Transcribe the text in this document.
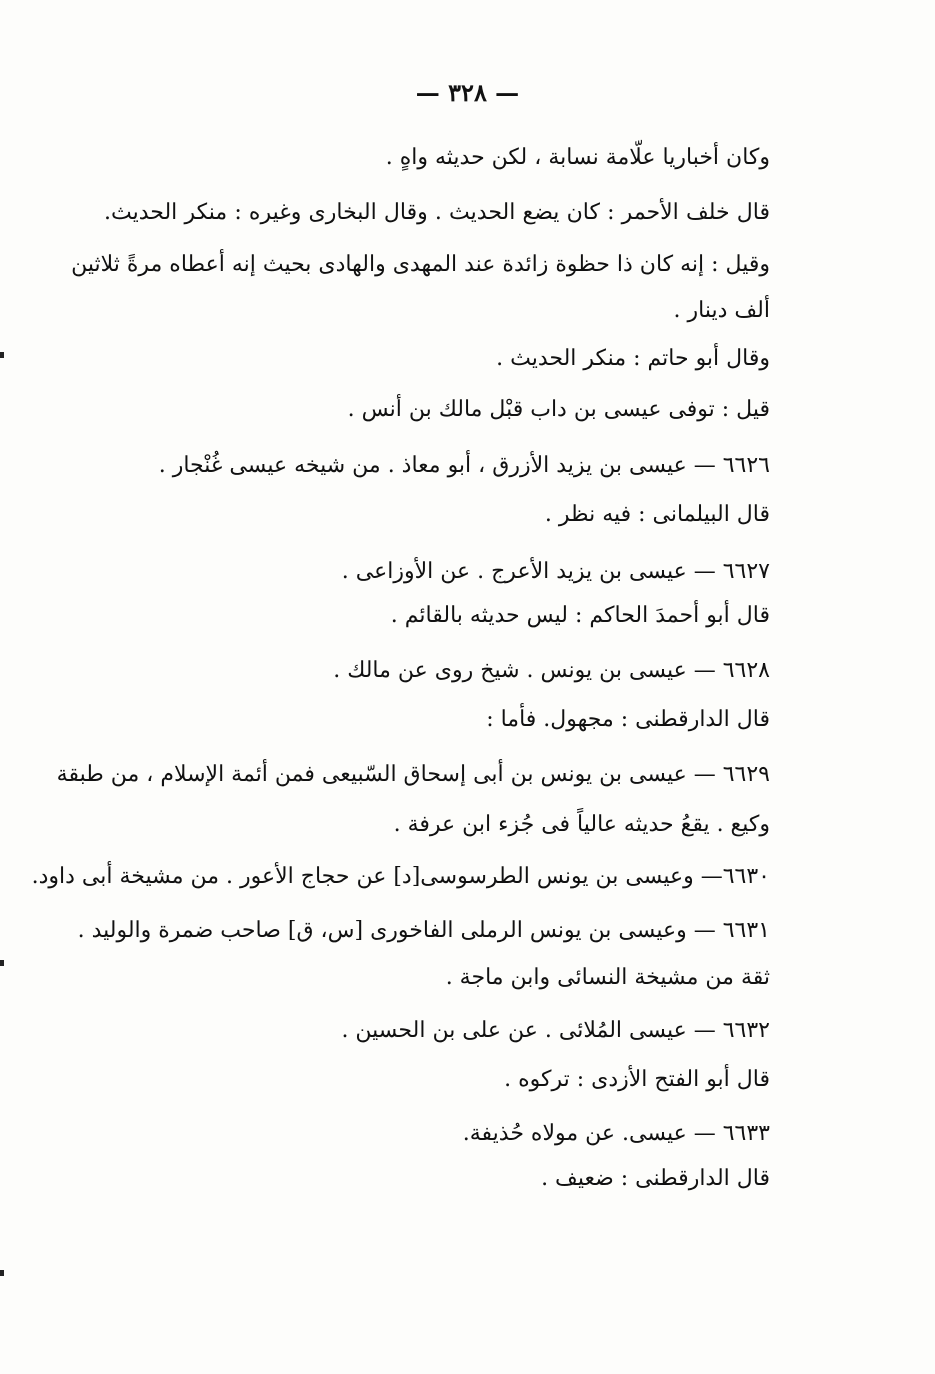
— ٣٢٨ —
وكان أخباريا علّامة نسابة ، لكن حديثه واهٍ .
قال خلف الأحمر : كان يضع الحديث . وقال البخارى وغيره : منكر الحديث.
وقيل : إنه كان ذا حظوة زائدة عند المهدى والهادى بحيث إنه أعطاه مرةً ثلاثين
ألف دينار .
وقال أبو حاتم : منكر الحديث .
قيل : توفى عيسى بن داب قبْل مالك بن أنس .
٦٦٢٦ — عيسى بن يزيد الأزرق ، أبو معاذ . من شيخه عيسى غُنْجار .
قال البيلمانى : فيه نظر .
٦٦٢٧ — عيسى بن يزيد الأعرج . عن الأوزاعى .
قال أبو أحمدَ الحاكم : ليس حديثه بالقائم .
٦٦٢٨ — عيسى بن يونس . شيخ روى عن مالك .
قال الدارقطنى : مجهول. فأما :
٦٦٢٩ — عيسى بن يونس بن أبى إسحاق السّبيعى فمن أئمة الإسلام ، من طبقة
وكيع . يقعُ حديثه عالياً فى جُزء ابن عرفة .
٦٦٣٠— وعيسى بن يونس الطرسوسى[د] عن حجاج الأعور . من مشيخة أبى داود.
٦٦٣١ — وعيسى بن يونس الرملى الفاخورى [س، ق] صاحب ضمرة والوليد .
ثقة من مشيخة النسائى وابن ماجة .
٦٦٣٢ — عيسى المُلائى . عن على بن الحسين .
قال أبو الفتح الأزدى : تركوه .
٦٦٣٣ — عيسى. عن مولاه حُذيفة.
قال الدارقطنى : ضعيف .
